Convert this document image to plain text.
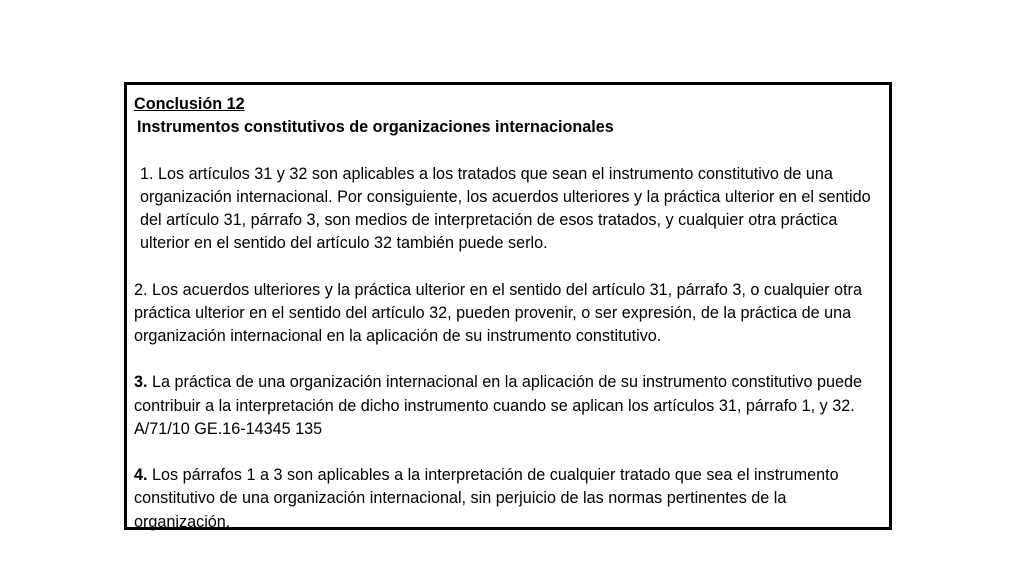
Conclusión 12

Instrumentos constitutivos de organizaciones internacionales

1. Los artículos 31 y 32 son aplicables a los tratados que sean el instrumento constitutivo de una organización internacional. Por consiguiente, los acuerdos ulteriores y la práctica ulterior en el sentido del artículo 31, párrafo 3, son medios de interpretación de esos tratados, y cualquier otra práctica ulterior en el sentido del artículo 32 también puede serlo.

2. Los acuerdos ulteriores y la práctica ulterior en el sentido del artículo 31, párrafo 3, o cualquier otra práctica ulterior en el sentido del artículo 32, pueden provenir, o ser expresión, de la práctica de una organización internacional en la aplicación de su instrumento constitutivo.

3. La práctica de una organización internacional en la aplicación de su instrumento constitutivo puede contribuir a la interpretación de dicho instrumento cuando se aplican los artículos 31, párrafo 1, y 32. A/71/10 GE.16-14345 135

4. Los párrafos 1 a 3 son aplicables a la interpretación de cualquier tratado que sea el instrumento constitutivo de una organización internacional, sin perjuicio de las normas pertinentes de la organización.
